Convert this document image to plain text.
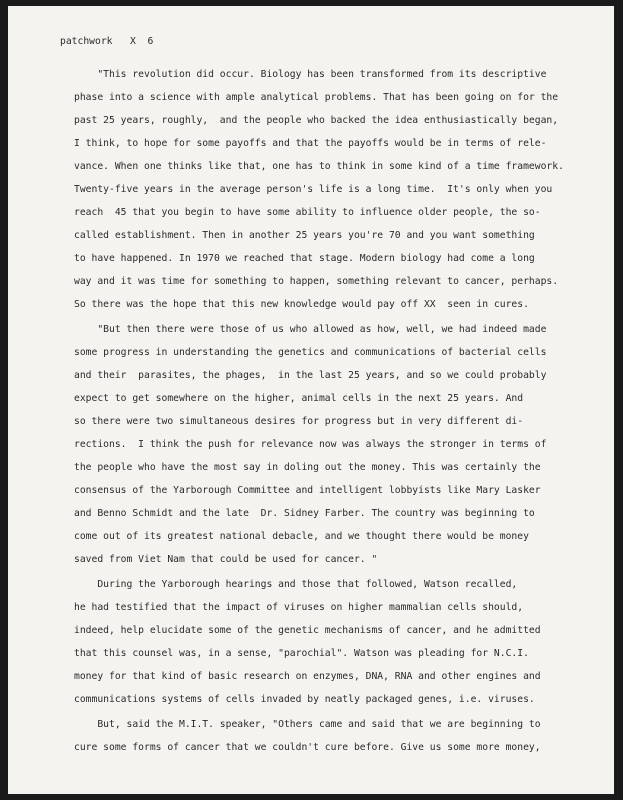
patchwork X 6
"This revolution did occur. Biology has been transformed from its descriptive
phase into a science with ample analytical problems. That has been going on for the
past 25 years, roughly,  and the people who backed the idea enthusiastically began,
I think, to hope for some payoffs and that the payoffs would be in terms of rele-
vance. When one thinks like that, one has to think in some kind of a time framework.
Twenty-five years in the average person's life is a long time.  It's only when you
reach  45 that you begin to have some ability to influence older people, the so-
called establishment. Then in another 25 years you're 70 and you want something
to have happened. In 1970 we reached that stage. Modern biology had come a long
way and it was time for something to happen, something relevant to cancer, perhaps.
So there was the hope that this new knowledge would pay off XX  seen in cures.
"But then there were those of us who allowed as how, well, we had indeed made
some progress in understanding the genetics and communications of bacterial cells
and their  parasites, the phages,  in the last 25 years, and so we could probably
expect to get somewhere on the higher, animal cells in the next 25 years. And
so there were two simultaneous desires for progress but in very different di-
rections.  I think the push for relevance now was always the stronger in terms of
the people who have the most say in doling out the money. This was certainly the
consensus of the Yarborough Committee and intelligent lobbyists like Mary Lasker
and Benno Schmidt and the late  Dr. Sidney Farber. The country was beginning to
come out of its greatest national debacle, and we thought there would be money
saved from Viet Nam that could be used for cancer. "
During the Yarborough hearings and those that followed, Watson recalled,
he had testified that the impact of viruses on higher mammalian cells should,
indeed, help elucidate some of the genetic mechanisms of cancer, and he admitted
that this counsel was, in a sense, "parochial". Watson was pleading for N.C.I.
money for that kind of basic research on enzymes, DNA, RNA and other engines and
communications systems of cells invaded by neatly packaged genes, i.e. viruses.
But, said the M.I.T. speaker, "Others came and said that we are beginning to
cure some forms of cancer that we couldn't cure before. Give us some more money,
